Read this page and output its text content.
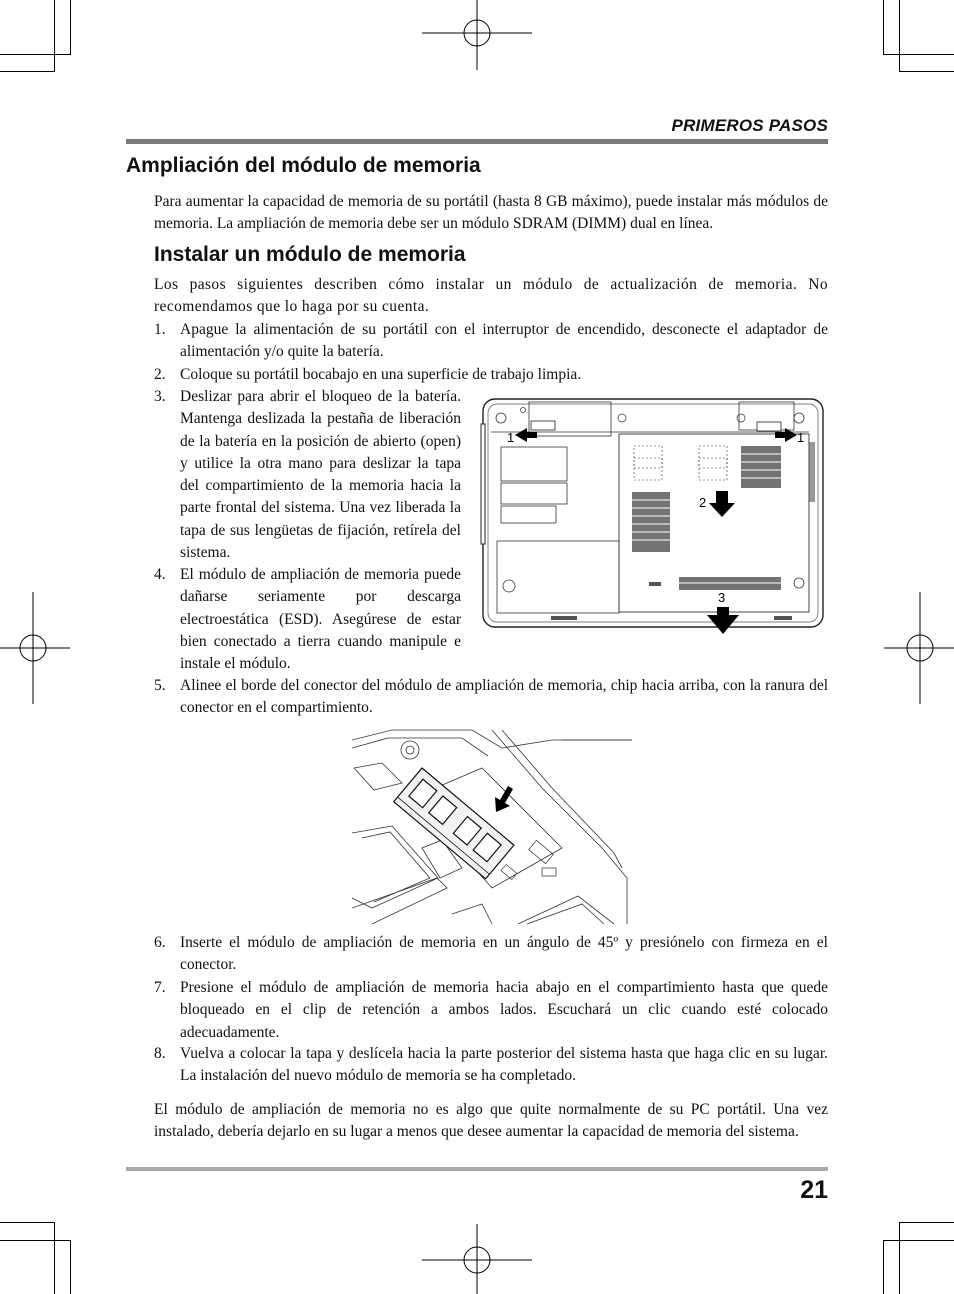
PRIMEROS PASOS
Ampliación del módulo de memoria

Para aumentar la capacidad de memoria de su portátil (hasta 8 GB máximo), puede instalar más módulos de memoria. La ampliación de memoria debe ser un módulo SDRAM (DIMM) dual en línea.

Instalar un módulo de memoria

Los pasos siguientes describen cómo instalar un módulo de actualización de memoria. No recomendamos que lo haga por su cuenta.

1. Apague la alimentación de su portátil con el interruptor de encendido, desconecte el adaptador de alimentación y/o quite la batería.
2. Coloque su portátil bocabajo en una superficie de trabajo limpia.
3. Deslizar para abrir el bloqueo de la batería. Mantenga deslizada la pestaña de liberación de la batería en la posición de abierto (open) y utilice la otra mano para deslizar la tapa del compartimiento de la memoria hacia la parte frontal del sistema. Una vez liberada la tapa de sus lengüetas de fijación, retírela del sistema.
4. El módulo de ampliación de memoria puede dañarse seriamente por descarga electroestática (ESD). Asegúrese de estar bien conectado a tierra cuando manipule e instale el módulo.
1	1
2
3
5. Alinee el borde del conector del módulo de ampliación de memoria, chip hacia arriba, con la ranura del conector en el compartimiento.
6. Inserte el módulo de ampliación de memoria en un ángulo de 45º y presiónelo con firmeza en el conector.
7. Presione el módulo de ampliación de memoria hacia abajo en el compartimiento hasta que quede bloqueado en el clip de retención a ambos lados. Escuchará un clic cuando esté colocado adecuadamente.
8. Vuelva a colocar la tapa y deslícela hacia la parte posterior del sistema hasta que haga clic en su lugar. La instalación del nuevo módulo de memoria se ha completado.

El módulo de ampliación de memoria no es algo que quite normalmente de su PC portátil. Una vez instalado, debería dejarlo en su lugar a menos que desee aumentar la capacidad de memoria del sistema.

21
